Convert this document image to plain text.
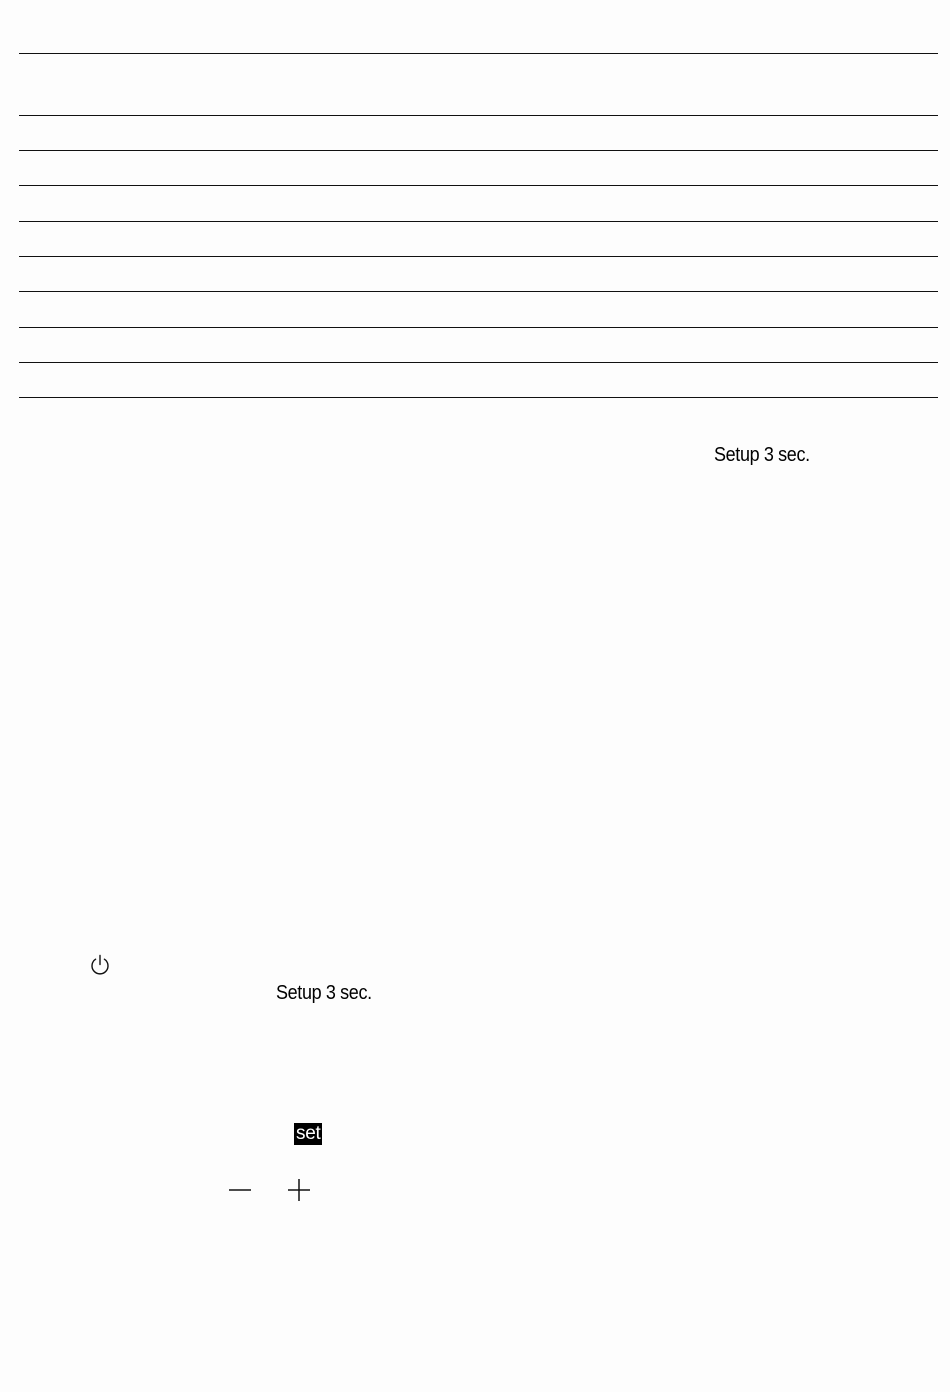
Setup 3 sec.
Setup 3 sec.
set
